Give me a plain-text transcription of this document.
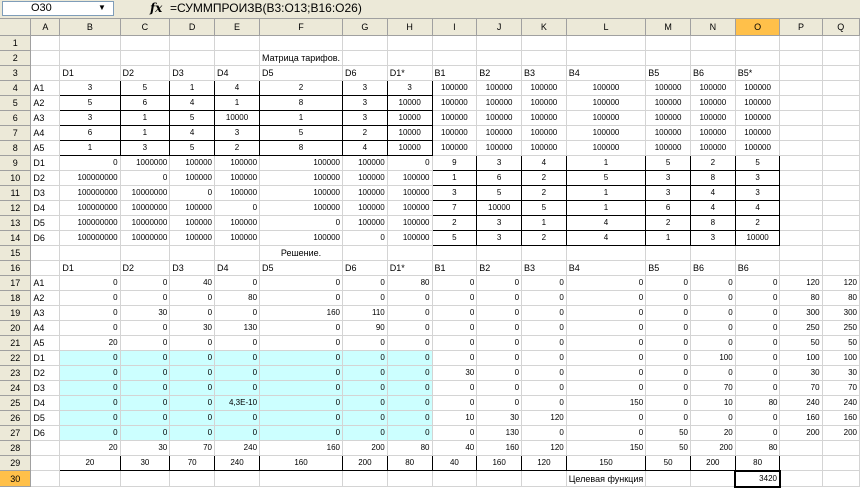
O30	▼	fx =СУММПРОИЗВ(B3:O13;B16:O26)
	A	B	C	D	E	F	G	H	I	J	K	L	M	N	O	P	Q
1																	
2						Матрица тарифов.											
3		D1	D2	D3	D4	D5	D6	D1*	B1	B2	B3	B4	B5	B6	B5*		
4	A1	3	5	1	4	2	3	3	100000	100000	100000	100000	100000	100000	100000		
5	A2	5	6	4	1	8	3	10000	100000	100000	100000	100000	100000	100000	100000		
6	A3	3	1	5	10000	1	3	10000	100000	100000	100000	100000	100000	100000	100000		
7	A4	6	1	4	3	5	2	10000	100000	100000	100000	100000	100000	100000	100000		
8	A5	1	3	5	2	8	4	10000	100000	100000	100000	100000	100000	100000	100000		
9	D1	0	1000000	100000	100000	100000	100000	0	9	3	4	1	5	2	5		
10	D2	100000000	0	100000	100000	100000	100000	100000	1	6	2	5	3	8	3		
11	D3	100000000	10000000	0	100000	100000	100000	100000	3	5	2	1	3	4	3		
12	D4	100000000	10000000	100000	0	100000	100000	100000	7	10000	5	1	6	4	4		
13	D5	100000000	10000000	100000	100000	0	100000	100000	2	3	1	4	2	8	2		
14	D6	100000000	10000000	100000	100000	100000	0	100000	5	3	2	4	1	3	10000		
15						Решение.											
16		D1	D2	D3	D4	D5	D6	D1*	B1	B2	B3	B4	B5	B6	B6		
17	A1	0	0	40	0	0	0	80	0	0	0	0	0	0	0	120	120
18	A2	0	0	0	80	0	0	0	0	0	0	0	0	0	0	80	80
19	A3	0	30	0	0	160	110	0	0	0	0	0	0	0	0	300	300
20	A4	0	0	30	130	0	90	0	0	0	0	0	0	0	0	250	250
21	A5	20	0	0	0	0	0	0	0	0	0	0	0	0	0	50	50
22	D1	0	0	0	0	0	0	0	0	0	0	0	0	100	0	100	100
23	D2	0	0	0	0	0	0	0	30	0	0	0	0	0	0	30	30
24	D3	0	0	0	0	0	0	0	0	0	0	0	0	70	0	70	70
25	D4	0	0	0	4,3E-10	0	0	0	0	0	0	150	0	10	80	240	240
26	D5	0	0	0	0	0	0	0	10	30	120	0	0	0	0	160	160
27	D6	0	0	0	0	0	0	0	0	130	0	0	50	20	0	200	200
28		20	30	70	240	160	200	80	40	160	120	150	50	200	80		
29		20	30	70	240	160	200	80	40	160	120	150	50	200	80		
30												Целевая функция			3420		
